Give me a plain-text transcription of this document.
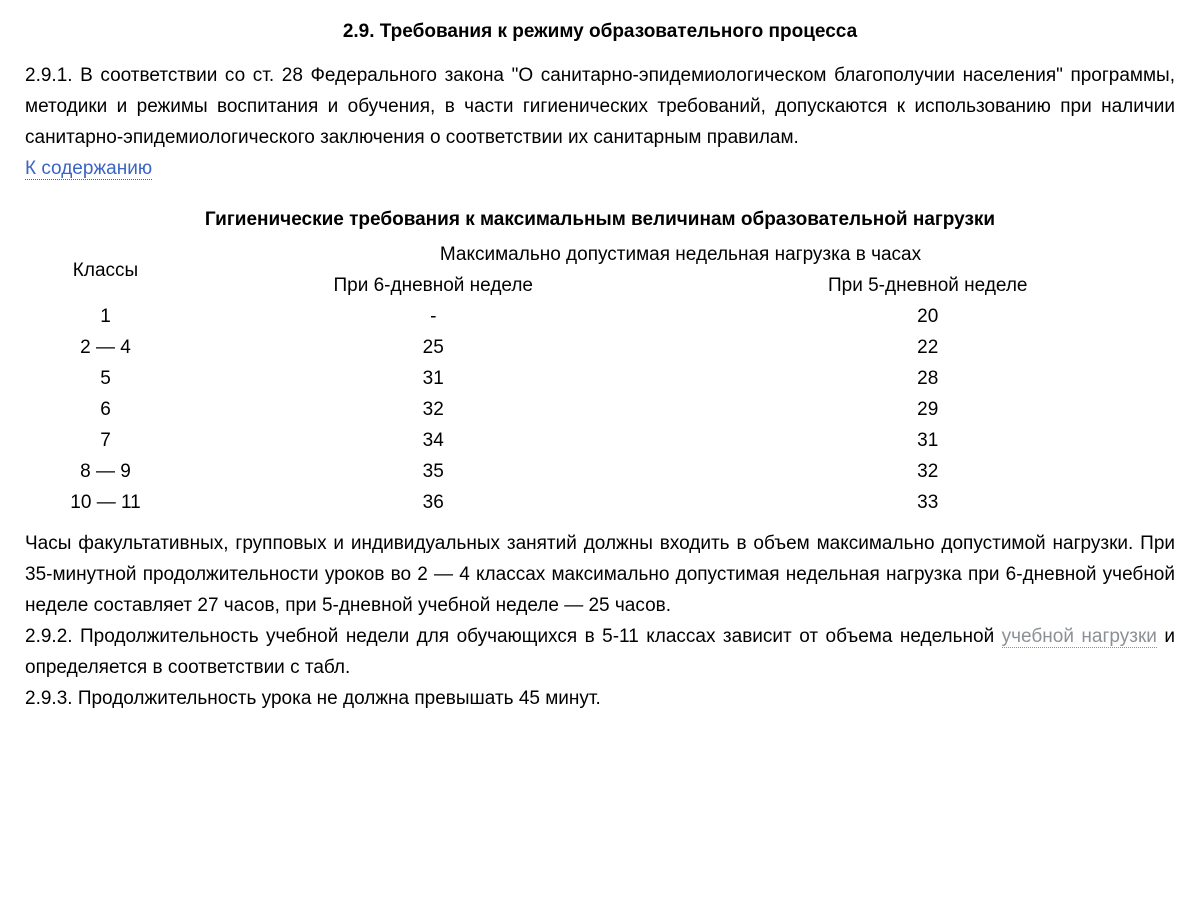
2.9. Требования к режиму образовательного процесса

2.9.1. В соответствии со ст. 28 Федерального закона "О санитарно-эпидемиологическом благополучии населения" программы, методики и режимы воспитания и обучения, в части гигиенических требований, допускаются к использованию при наличии санитарно-эпидемиологического заключения о соответствии их санитарным правилам.

К содержанию
Гигиенические требования к максимальным величинам образовательной нагрузки
Классы	Максимально допустимая недельная нагрузка в часах	
	При 6-дневной неделе	При 5-дневной неделе
1	-	20
2 — 4	25	22
5	31	28
6	32	29
7	34	31
8 — 9	35	32
10 — 11	36	33

Часы факультативных, групповых и индивидуальных занятий должны входить в объем максимально допустимой нагрузки. При 35-минутной продолжительности уроков во 2 — 4 классах максимально допустимая недельная нагрузка при 6-дневной учебной неделе составляет 27 часов, при 5-дневной учебной неделе — 25 часов.

2.9.2. Продолжительность учебной недели для обучающихся в 5-11 классах зависит от объема недельной учебной нагрузки и определяется в соответствии с табл.

2.9.3. Продолжительность урока не должна превышать 45 минут.
